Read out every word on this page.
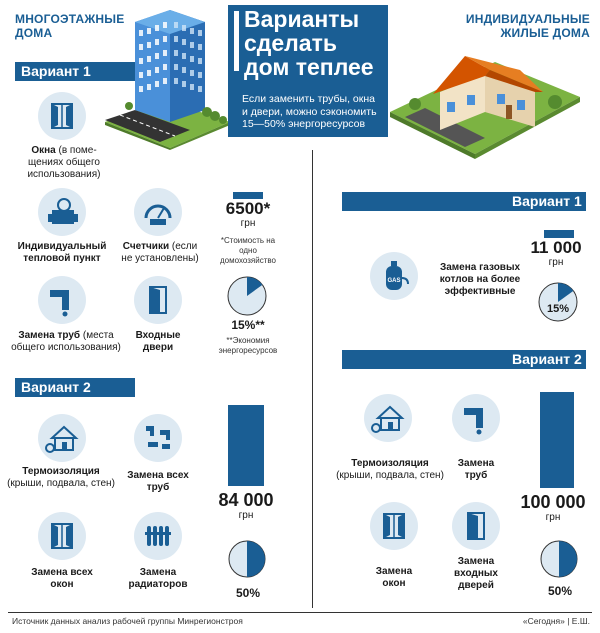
МНОГОЭТАЖНЫЕ
ДОМА
Варианты
сделать
дом теплее
Если заменить трубы, окна
и двери, можно сэкономить
15—50% энергоресурсов
ИНДИВИДУАЛЬНЫЕ
ЖИЛЫЕ ДОМА
Вариант 1
Окна (в поме-
щениях общего
использования)
Индивидуальный
тепловой пункт
Счетчики (если
не установлены)
Замена труб (места
общего использования)
Входные
двери
6500*
грн
*Стоимость на
одно
домохозяйство
15%**
**Экономия
энергоресурсов
Вариант 2
Термоизоляция
(крыши, подвала, стен)
Замена всех
труб
Замена всех
окон
Замена
радиаторов
84 000
грн
50%
Вариант 1
GAS
Замена газовых
котлов на более
эффективные
11 000
грн
15%
Вариант 2
Термоизоляция
(крыши, подвала, стен)
Замена
труб
Замена
окон
Замена
входных
дверей
100 000
грн
50%
Источник данных анализ рабочей группы Минрегионстроя	«Сегодня» | Е.Ш.
